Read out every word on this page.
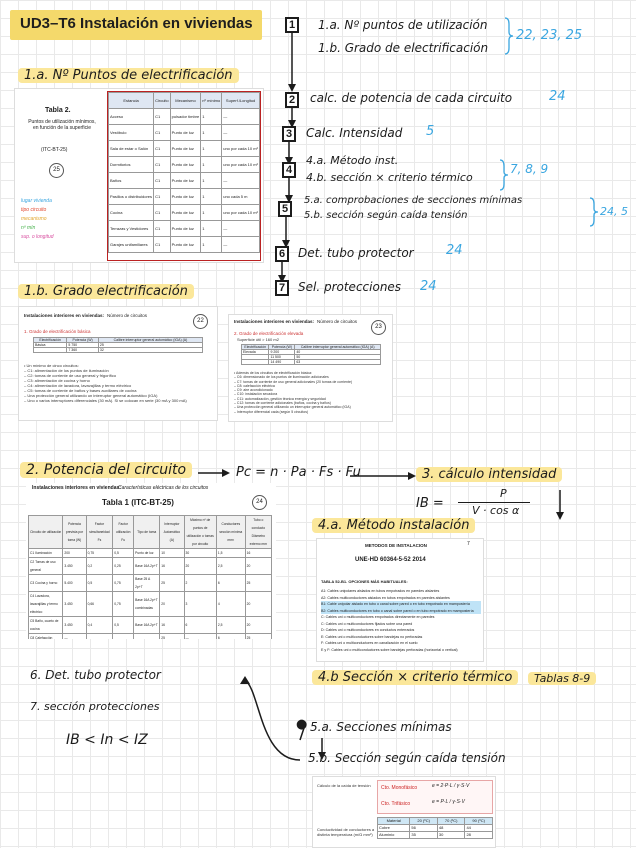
UD3–T6 Instalación en viviendas	1	1.a. Nº puntos de utilización
1.b. Grado de electrificación
22, 23, 25
2	calc. de potencia de cada circuito	24
3	Calc. Intensidad 5
4
4.a. Método inst.
4.b. sección × criterio térmico
7, 8, 9
5
5.a. comprobaciones de secciones mínimas
5.b. sección según caída tensión	24, 5
6	Det. tubo protector 24
7	Sel. protecciones 24
1.a. Nº Puntos de electrificación
Tabla 2.
Puntos de utilización mínimos, en función de la superficie
(ITC-BT-25)
25
lugar vivienda
tipo circuito
mecanismo
nº mín
sup. o longitud
Estancia	Circuito	Mecanismo	nº mínimo	Superf./Longitud
Acceso	C1	pulsador timbre	1	—
Vestíbulo	C1	Punto de luz	1	—
Sala de estar o Salón	C1	Punto de luz	1	uno por cada 10 m²
Dormitorios	C1	Punto de luz	1	uno por cada 10 m²
Baños	C1	Punto de luz	1	—
Pasillos o distribuidores	C1	Punto de luz	1	uno cada 5 m
Cocina	C1	Punto de luz	1	uno por cada 10 m²
Terrazas y Vestidores	C1	Punto de luz	1	—
Garajes unifamiliares	C1	Punto de luz	1	—
1.b. Grado electrificación
Instalaciones interiores en viviendas: Número de circuitos
22
1. Grado de electrificación básica
Electrificación	Potencia (W)	Calibre interruptor general automático (IGA) (A)
Básica	5 750	25
	7 360	32
• Un mínimo de cinco circuitos:
– C1: alimentación de los puntos de iluminación
– C2: tomas de corriente de uso general y frigorífico
– C3: alimentación de cocina y horno
– C4: alimentación de lavadora, lavavajillas y termo eléctrico
– C5: tomas de corriente de baños y bases auxiliares de cocina
– Una protección general utilizando un interruptor general automático (IGA)
– Uno o varios interruptores diferenciales (30 mA). Si se colocan en serie (30 mA y 300 mA)
Instalaciones interiores en viviendas: Número de circuitos
23
2. Grado de electrificación elevada
Superficie útil > 160 m2
Electrificación	Potencia (W)	Calibre interruptor general automático (IGA) (A)
Elevada	9 200	40
	11 500	50
	14 490	63
• Además de los circuitos de electrificación básica:
– C6: dimensionado de los puntos de iluminación adicionales
– C7: tomas de corriente de uso general adicionales (20 tomas de corriente)
– C8: calefacción eléctrica
– C9: aire acondicionado
– C10: instalación secadora
– C11: automatización, gestión técnica energía y seguridad
– C12: tomas de corriente adicionales (baños, cocina y baños)
– Una protección general utilizando un interruptor general automático (IGA)
– Interruptor diferencial cada (según 5 circuitos)
2. Potencia del circuito	Pc = n · Pa · Fs · Fu
Instalaciones interiores en viviendas:
Características eléctricas de los circuitos
Tabla 1 (ITC-BT-25)	24
Circuito de utilización	Potencia prevista por toma (W)	Factor simultaneidad Fs	Factor utilización Fu	Tipo de toma	Interruptor Automático (A)	Máximo nº de puntos de utilización o tomas por circuito	Conductores sección mínima mm²	Tubo o conducto Diámetro externo mm
C1 Iluminación	200	0,75	0,5	Punto de luz	10	30	1,5	16
C2 Tomas de uso general	3.450	0,2	0,25	Base 16A 2p+T	16	20	2,5	20
C3 Cocina y horno	5.400	0,5	0,75	Base 25 A 2p+T	25	2	6	25
C4 Lavadora, lavavajillas y termo eléctrico	3.450	0,66	0,75	Base 16A 2p+T combinadas	20	3	4	20
C5 Baño, cuarto de cocina	3.450	0,4	0,5	Base 16A 2p+T	16	6	2,5	20
C8 Calefacción	—				25	—	6	25

3. cálculo intensidad
IB =
P
V · cos α
4.a. Método instalación
METODOS DE INSTALACION	7
UNE-HD 60364-5-52 2014
TABLA 52-B1. OPCIONES MÁS HABITUALES:
A1: Cables unipolares aislados en tubos empotrados en paredes aislantes
A2: Cables multiconductores aislados en tubos empotrados en paredes aislantes
B1: Cable unipolar aislado en tubo o canal sobre pared o en tubo empotrado en mampostería
B2: Cables multiconductores en tubo o canal sobre pared o en tubo empotrado en mampostería
C: Cables uni o multiconductores empotrados directamente en paredes
C: Cables uni o multiconductores fijados sobre una pared
D: Cables uni o multiconductores en conductos enterrados
E: Cables uni o multiconductores sobre bandejas no perforadas
F: Cables uni o multiconductores en canalización en el suelo
E y F: Cables uni o multiconductores sobre bandejas perforadas (horizontal o vertical)
4.b Sección × criterio térmico	Tablas 8-9
● 5.a. Secciones mínimas
5.b. Sección según caída tensión
Cálculo de la caída de tensión
Conductividad de conductores a distinta temperatura (m/Ω mm²)
Cto. Monofásico
Cto. Trifásico
e = 2·P·L / γ·S·V
e = P·L / γ·S·V
Material	20 (ºC)	70 (ºC)	90 (ºC)
Cobre	56	48	44
Aluminio	35	30	28
6. Det. tubo protector
7. sección protecciones
IB < In < IZ
